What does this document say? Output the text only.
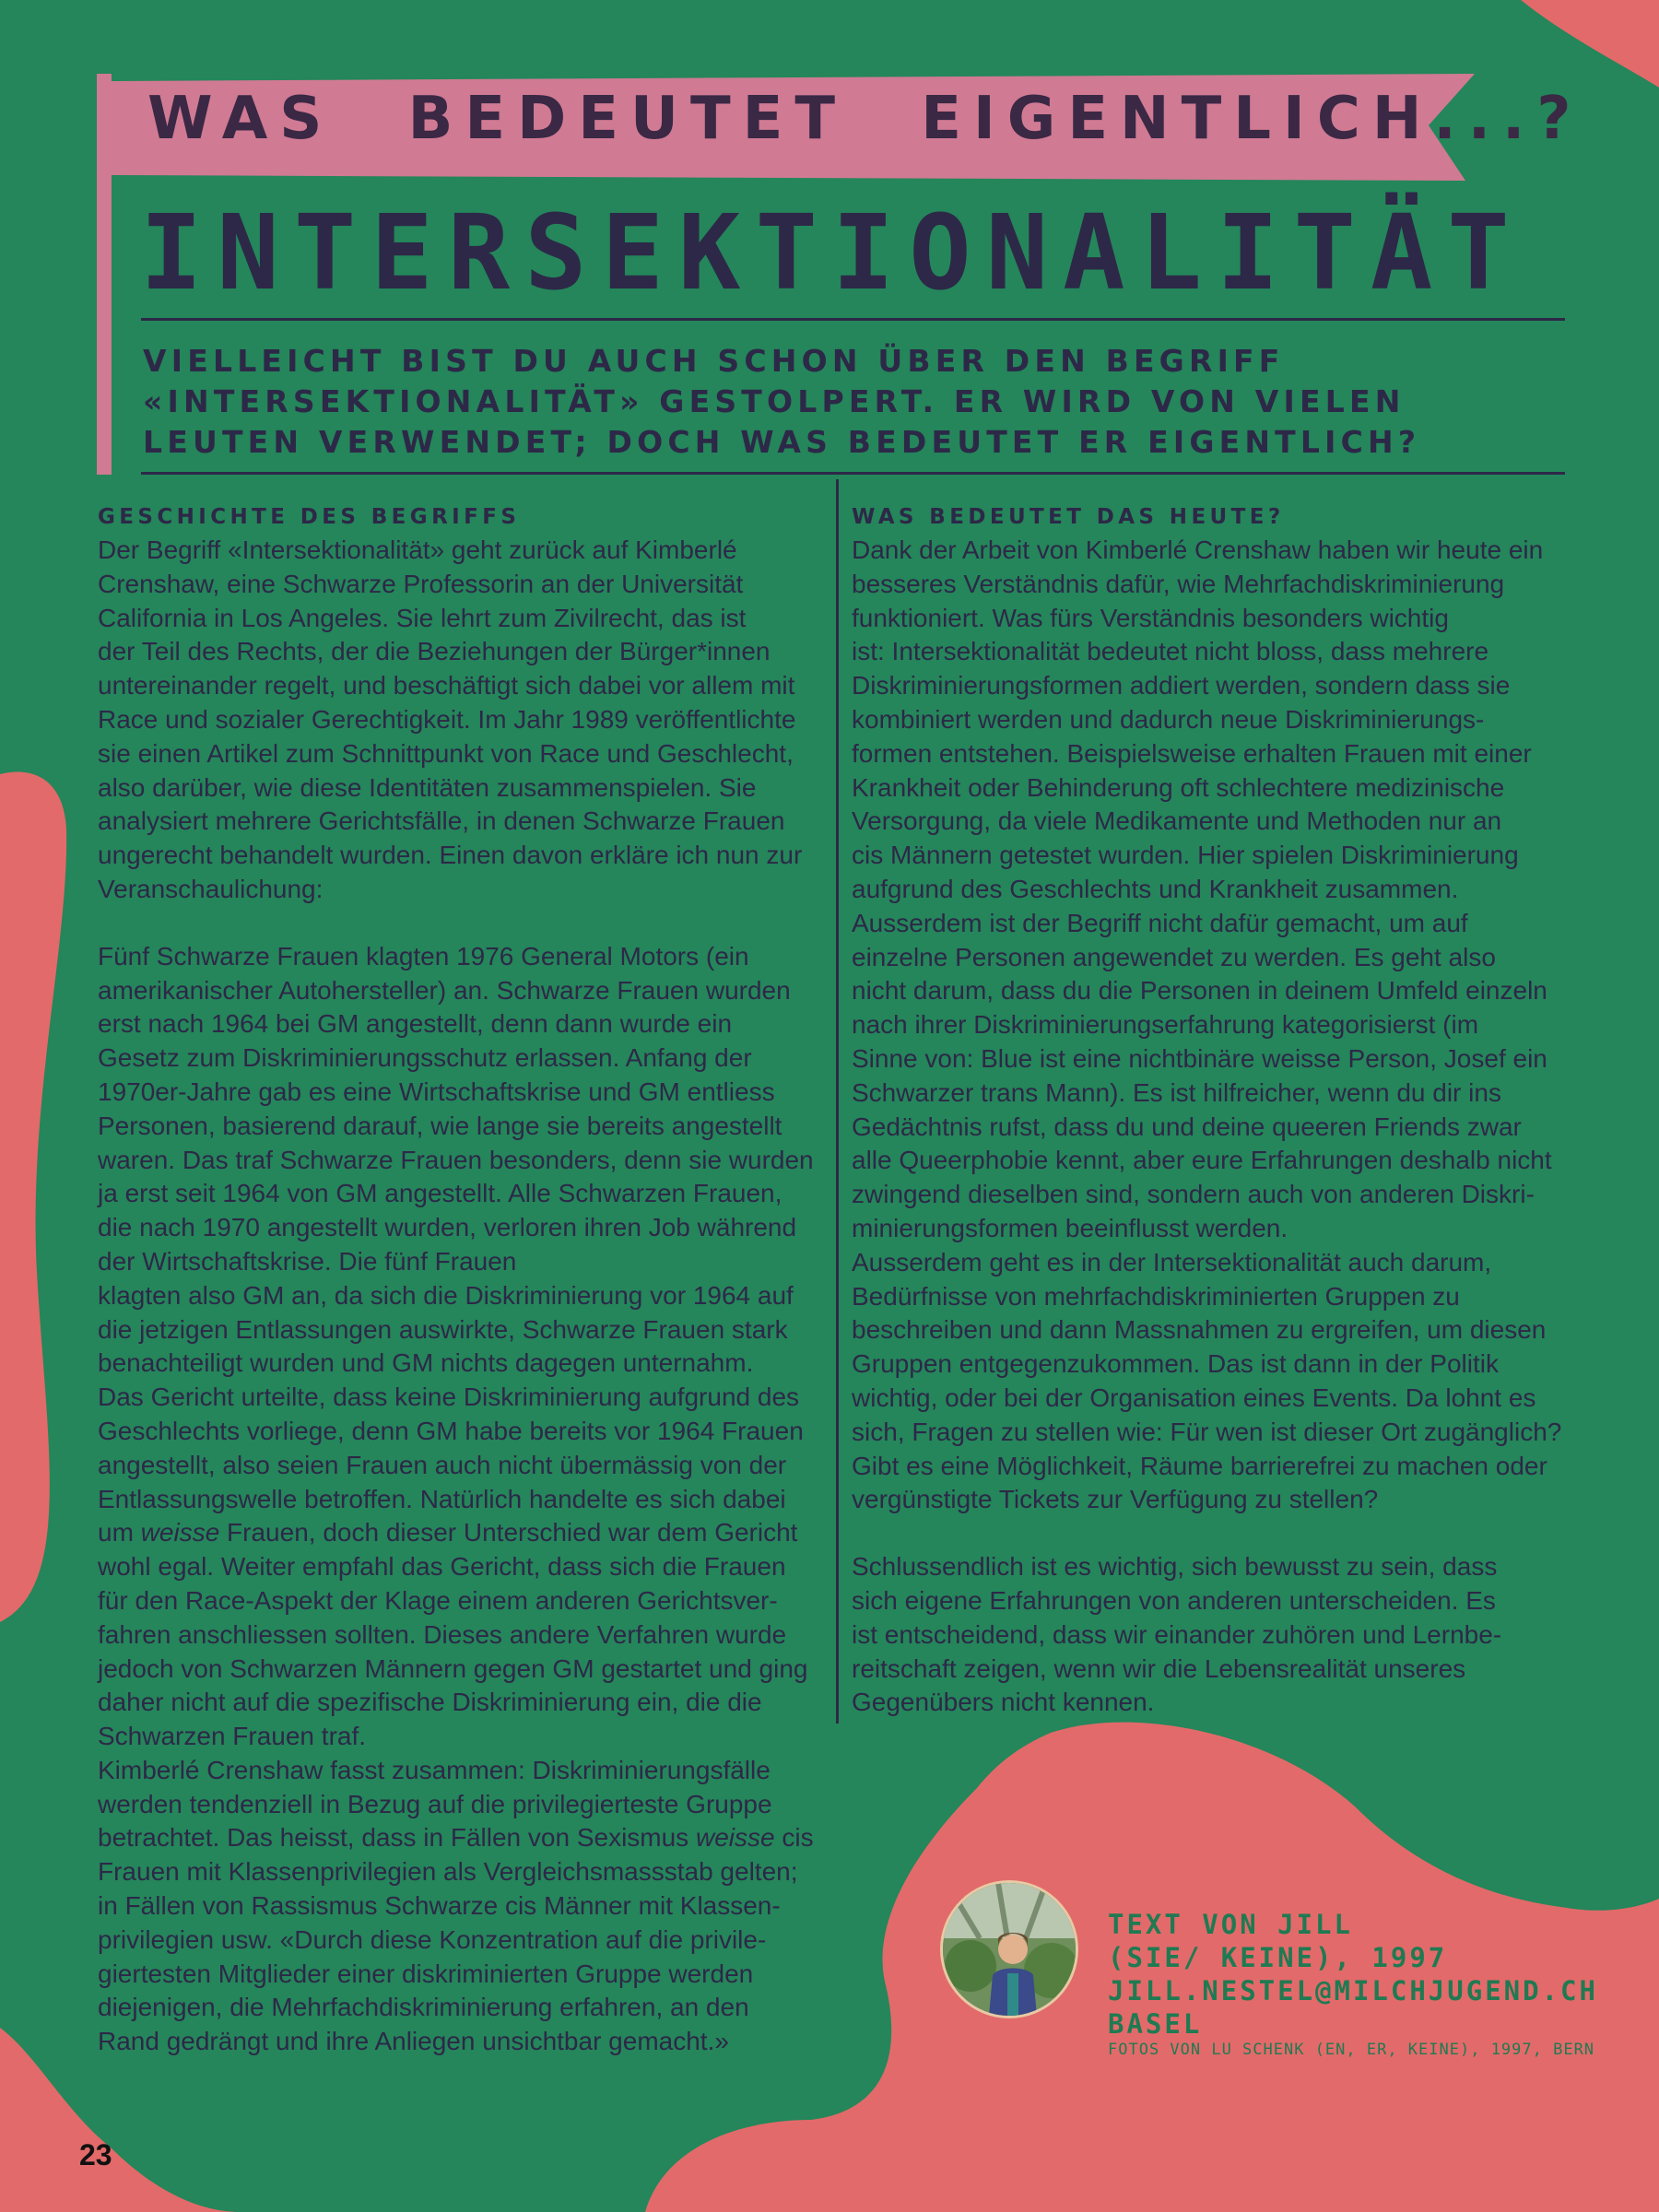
WAS BEDEUTET EIGENTLICH...?
INTERSEKTIONALITÄT
VIELLEICHT BIST DU AUCH SCHON ÜBER DEN BEGRIFF «INTERSEKTIONALITÄT» GESTOLPERT. ER WIRD VON VIELEN LEUTEN VERWENDET; DOCH WAS BEDEUTET ER EIGENTLICH?
GESCHICHTE DES BEGRIFFS

Der Begriff «Intersektionalität» geht zurück auf Kimberlé
Crenshaw, eine Schwarze Professorin an der Universität
California in Los Angeles. Sie lehrt zum Zivilrecht, das ist
der Teil des Rechts, der die Beziehungen der Bürger*innen
untereinander regelt, und beschäftigt sich dabei vor allem mit
Race und sozialer Gerechtigkeit. Im Jahr 1989 veröffentlichte
sie einen Artikel zum Schnittpunkt von Race und Geschlecht,
also darüber, wie diese Identitäten zusammenspielen. Sie
analysiert mehrere Gerichtsfälle, in denen Schwarze Frauen
ungerecht behandelt wurden. Einen davon erkläre ich nun zur
Veranschaulichung:

Fünf Schwarze Frauen klagten 1976 General Motors (ein
amerikanischer Autohersteller) an. Schwarze Frauen wurden
erst nach 1964 bei GM angestellt, denn dann wurde ein
Gesetz zum Diskriminierungsschutz erlassen. Anfang der
1970er-Jahre gab es eine Wirtschaftskrise und GM entliess
Personen, basierend darauf, wie lange sie bereits angestellt
waren. Das traf Schwarze Frauen besonders, denn sie wurden
ja erst seit 1964 von GM angestellt. Alle Schwarzen Frauen,
die nach 1970 angestellt wurden, verloren ihren Job während
der Wirtschaftskrise. Die fünf Frauen
klagten also GM an, da sich die Diskriminierung vor 1964 auf
die jetzigen Entlassungen auswirkte, Schwarze Frauen stark
benachteiligt wurden und GM nichts dagegen unternahm.
Das Gericht urteilte, dass keine Diskriminierung aufgrund des
Geschlechts vorliege, denn GM habe bereits vor 1964 Frauen
angestellt, also seien Frauen auch nicht übermässig von der
Entlassungswelle betroffen. Natürlich handelte es sich dabei

um weisse Frauen, doch dieser Unterschied war dem Gericht
wohl egal. Weiter empfahl das Gericht, dass sich die Frauen
für den Race-Aspekt der Klage einem anderen Gerichtsver-
fahren anschliessen sollten. Dieses andere Verfahren wurde
jedoch von Schwarzen Männern gegen GM gestartet und ging
daher nicht auf die spezifische Diskriminierung ein, die die
Schwarzen Frauen traf.
Kimberlé Crenshaw fasst zusammen: Diskriminierungsfälle
werden tendenziell in Bezug auf die privilegierteste Gruppe
betrachtet. Das heisst, dass in Fällen von Sexismus weisse cis
Frauen mit Klassenprivilegien als Vergleichsmassstab gelten;
in Fällen von Rassismus Schwarze cis Männer mit Klassen-
privilegien usw. «Durch diese Konzentration auf die privile-
giertesten Mitglieder einer diskriminierten Gruppe werden
diejenigen, die Mehrfachdiskriminierung erfahren, an den
Rand gedrängt und ihre Anliegen unsichtbar gemacht.»

WAS BEDEUTET DAS HEUTE?

Dank der Arbeit von Kimberlé Crenshaw haben wir heute ein
besseres Verständnis dafür, wie Mehrfachdiskriminierung
funktioniert. Was fürs Verständnis besonders wichtig
ist: Intersektionalität bedeutet nicht bloss, dass mehrere
Diskriminierungsformen addiert werden, sondern dass sie
kombiniert werden und dadurch neue Diskriminierungs-
formen entstehen. Beispielsweise erhalten Frauen mit einer
Krankheit oder Behinderung oft schlechtere medizinische
Versorgung, da viele Medikamente und Methoden nur an
cis Männern getestet wurden. Hier spielen Diskriminierung
aufgrund des Geschlechts und Krankheit zusammen.
Ausserdem ist der Begriff nicht dafür gemacht, um auf
einzelne Personen angewendet zu werden. Es geht also
nicht darum, dass du die Personen in deinem Umfeld einzeln
nach ihrer Diskriminierungserfahrung kategorisierst (im
Sinne von: Blue ist eine nichtbinäre weisse Person, Josef ein
Schwarzer trans Mann). Es ist hilfreicher, wenn du dir ins
Gedächtnis rufst, dass du und deine queeren Friends zwar
alle Queerphobie kennt, aber eure Erfahrungen deshalb nicht
zwingend dieselben sind, sondern auch von anderen Diskri-
minierungsformen beeinflusst werden.
Ausserdem geht es in der Intersektionalität auch darum,
Bedürfnisse von mehrfachdiskriminierten Gruppen zu
beschreiben und dann Massnahmen zu ergreifen, um diesen
Gruppen entgegenzukommen. Das ist dann in der Politik
wichtig, oder bei der Organisation eines Events. Da lohnt es
sich, Fragen zu stellen wie: Für wen ist dieser Ort zugänglich?
Gibt es eine Möglichkeit, Räume barrierefrei zu machen oder
vergünstigte Tickets zur Verfügung zu stellen?

Schlussendlich ist es wichtig, sich bewusst zu sein, dass
sich eigene Erfahrungen von anderen unterscheiden. Es
ist entscheidend, dass wir einander zuhören und Lernbe-
reitschaft zeigen, wenn wir die Lebensrealität unseres
Gegenübers nicht kennen.

TEXT VON JILL
(SIE/ KEINE), 1997
JILL.NESTEL@MILCHJUGEND.CH
BASEL
FOTOS VON LU SCHENK (EN, ER, KEINE), 1997, BERN
23
